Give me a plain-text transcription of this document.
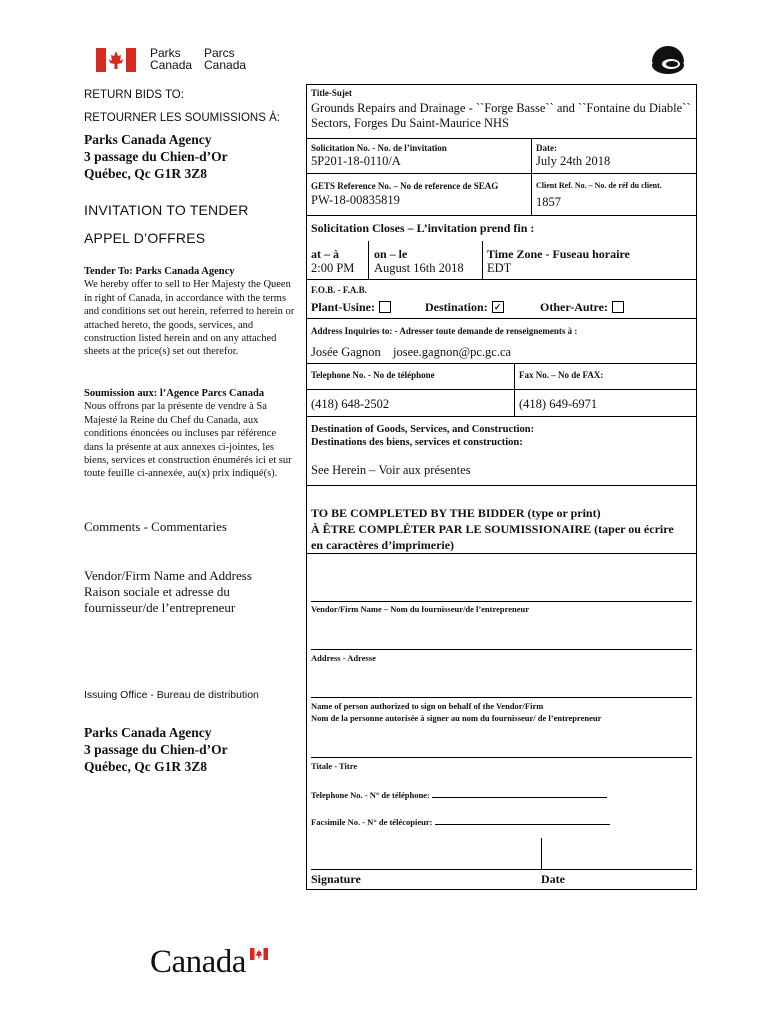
Parks
Canada
Parcs
Canada
RETURN BIDS TO:
RETOURNER LES SOUMISSIONS À:
Parks Canada Agency
3 passage du Chien-d’Or
Québec, Qc G1R 3Z8
INVITATION TO TENDER
APPEL D’OFFRES
Tender To: Parks Canada Agency
We hereby offer to sell to Her Majesty the Queen in right of Canada, in accordance with the terms and conditions set out herein, referred to herein or attached hereto, the goods, services, and construction listed herein and on any attached sheets at the price(s) set out therefor.
Soumission aux: l’Agence Parcs Canada
Nous offrons par la présente de vendre à Sa Majesté la Reine du Chef du Canada, aux conditions énoncées ou incluses par référence dans la présente at aux annexes ci-jointes, les biens, services et construction énumérés ici et sur toute feuille ci-annexée, au(x) prix indiqué(s).
Comments - Commentaries
Vendor/Firm Name and Address
Raison sociale et adresse du
fournisseur/de l’entrepreneur
Issuing Office - Bureau de distribution
Parks Canada Agency
3 passage du Chien-d’Or
Québec, Qc G1R 3Z8
Title-Sujet
Grounds Repairs and Drainage - ``Forge Basse`` and ``Fontaine du Diable`` Sectors, Forges Du Saint-Maurice NHS
Solicitation No. - No. de l’invitation
5P201-18-0110/A
Date:
July 24th 2018
GETS Reference No. – No de reference de SEAG
PW-18-00835819
Client Ref. No. – No. de réf du client.
1857
Solicitation Closes – L’invitation prend fin :
at – à
2:00 PM
on – le
August 16th 2018
Time Zone - Fuseau horaire
EDT
F.O.B. - F.A.B.
Plant-Usine:	Destination: ✓	Other-Autre:
Address Inquiries to: - Adresser toute demande de renseignements à :
Josée Gagnon josee.gagnon@pc.gc.ca
Telephone No. - No de téléphone	Fax No. – No de FAX:
(418) 648-2502	(418) 649-6971
Destination of Goods, Services, and Construction:
Destinations des biens, services et construction:
See Herein – Voir aux présentes
TO BE COMPLETED BY THE BIDDER (type or print)
À ÊTRE COMPLÉTER PAR LE SOUMISSIONAIRE (taper ou écrire
en caractères d’imprimerie)
Vendor/Firm Name – Nom du fournisseur/de l’entrepreneur
Address - Adresse
Name of person authorized to sign on behalf of the Vendor/Firm
Nom de la personne autorisée à signer au nom du fournisseur/ de l’entrepreneur
Titale - Titre
Telephone No. - N° de téléphone:
Facsimile No. - N° de télécopieur:
Signature	Date
Canada
